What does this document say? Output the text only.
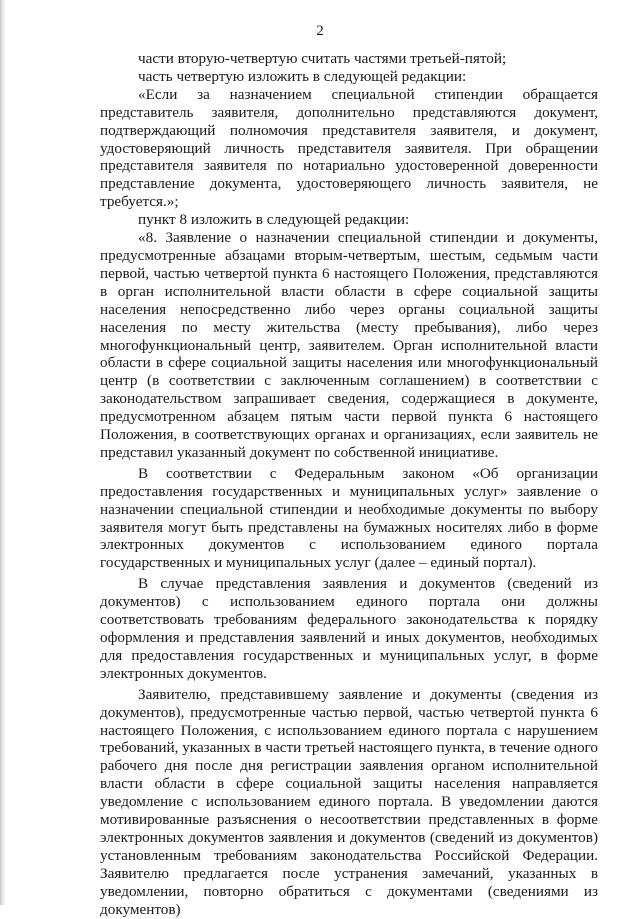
2

части вторую-четвертую считать частями третьей-пятой;

часть четвертую изложить в следующей редакции:

«Если за назначением специальной стипендии обращается представитель заявителя, дополнительно представляются документ, подтверждающий полномочия представителя заявителя, и документ, удостоверяющий личность представителя заявителя. При обращении представителя заявителя по нотариально удостоверенной доверенности представление документа, удостоверяющего личность заявителя, не требуется.»;

пункт 8 изложить в следующей редакции:

«8. Заявление о назначении специальной стипендии и документы, предусмотренные абзацами вторым-четвертым, шестым, седьмым части первой, частью четвертой пункта 6 настоящего Положения, представляются в орган исполнительной власти области в сфере социальной защиты населения непосредственно либо через органы социальной защиты населения по месту жительства (месту пребывания), либо через многофункциональный центр, заявителем. Орган исполнительной власти области в сфере социальной защиты населения или многофункциональный центр (в соответствии с заключенным соглашением) в соответствии с законодательством запрашивает сведения, содержащиеся в документе, предусмотренном абзацем пятым части первой пункта 6 настоящего Положения, в соответствующих органах и организациях, если заявитель не представил указанный документ по собственной инициативе.

В соответствии с Федеральным законом «Об организации предоставления государственных и муниципальных услуг» заявление о назначении специальной стипендии и необходимые документы по выбору заявителя могут быть представлены на бумажных носителях либо в форме электронных документов с использованием единого портала государственных и муниципальных услуг (далее – единый портал).

В случае представления заявления и документов (сведений из документов) с использованием единого портала они должны соответствовать требованиям федерального законодательства к порядку оформления и представления заявлений и иных документов, необходимых для предоставления государственных и муниципальных услуг, в форме электронных документов.

Заявителю, представившему заявление и документы (сведения из документов), предусмотренные частью первой, частью четвертой пункта 6 настоящего Положения, с использованием единого портала с нарушением требований, указанных в части третьей настоящего пункта, в течение одного рабочего дня после дня регистрации заявления органом исполнительной власти области в сфере социальной защиты населения направляется уведомление с использованием единого портала. В уведомлении даются мотивированные разъяснения о несоответствии представленных в форме электронных документов заявления и документов (сведений из документов) установленным требованиям законодательства Российской Федерации. Заявителю предлагается после устранения замечаний, указанных в уведомлении, повторно обратиться с документами (сведениями из документов)
